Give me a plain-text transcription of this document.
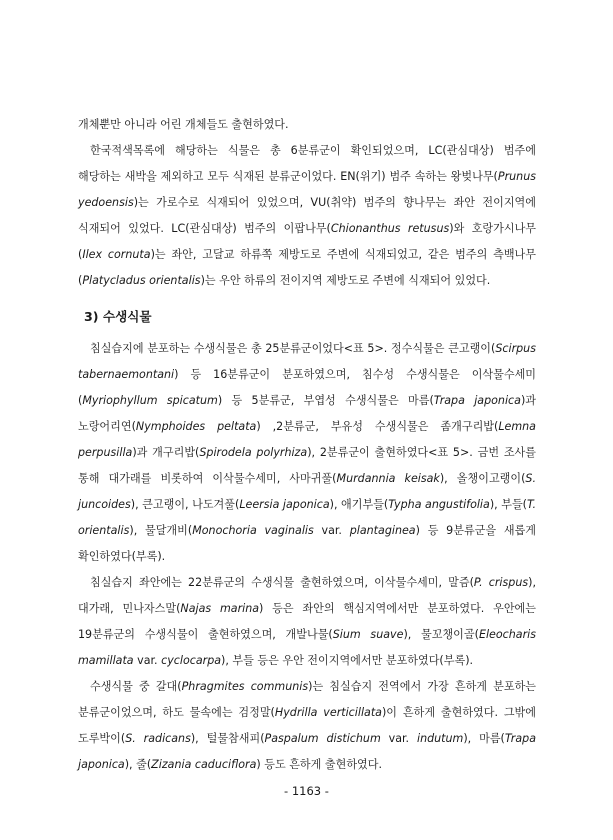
개체뿐만 아니라 어린 개체들도 출현하였다.

한국적색목록에 해당하는 식물은 총 6분류군이 확인되었으며, LC(관심대상) 범주에 해당하는 새박을 제외하고 모두 식재된 분류군이었다. EN(위기) 범주 속하는 왕벚나무(Prunus yedoensis)는 가로수로 식재되어 있었으며, VU(취약) 범주의 향나무는 좌안 전이지역에 식재되어 있었다. LC(관심대상) 범주의 이팝나무(Chionanthus retusus)와 호랑가시나무(Ilex cornuta)는 좌안, 고달교 하류쪽 제방도로 주변에 식재되었고, 같은 범주의 측백나무(Platycladus orientalis)는 우안 하류의 전이지역 제방도로 주변에 식재되어 있었다.

3) 수생식물

침실습지에 분포하는 수생식물은 총 25분류군이었다<표 5>. 정수식물은 큰고랭이(Scirpus tabernaemontani) 등 16분류군이 분포하였으며, 침수성 수생식물은 이삭물수세미(Myriophyllum spicatum) 등 5분류군, 부엽성 수생식물은 마름(Trapa japonica)과 노랑어리연(Nymphoides peltata) ,2분류군, 부유성 수생식물은 좀개구리밥(Lemna perpusilla)과 개구리밥(Spirodela polyrhiza), 2분류군이 출현하였다<표 5>. 금번 조사를 통해 대가래를 비롯하여 이삭물수세미, 사마귀풀(Murdannia keisak), 올챙이고랭이(S. juncoides), 큰고랭이, 나도겨풀(Leersia japonica), 애기부들(Typha angustifolia), 부들(T. orientalis), 물달개비(Monochoria vaginalis var. plantaginea) 등 9분류군을 새롭게 확인하였다(부록).

침실습지 좌안에는 22분류군의 수생식물 출현하였으며, 이삭물수세미, 말즘(P. crispus), 대가래, 민나자스말(Najas marina) 등은 좌안의 핵심지역에서만 분포하였다. 우안에는 19분류군의 수생식물이 출현하였으며, 개발나물(Sium suave), 물꼬챙이골(Eleocharis mamillata var. cyclocarpa), 부들 등은 우안 전이지역에서만 분포하였다(부록).

수생식물 중 갈대(Phragmites communis)는 침실습지 전역에서 가장 흔하게 분포하는 분류군이었으며, 하도 물속에는 검정말(Hydrilla verticillata)이 흔하게 출현하였다. 그밖에 도루박이(S. radicans), 털물참새피(Paspalum distichum var. indutum), 마름(Trapa japonica), 줄(Zizania caduciflora) 등도 흔하게 출현하였다.

- 1163 -
